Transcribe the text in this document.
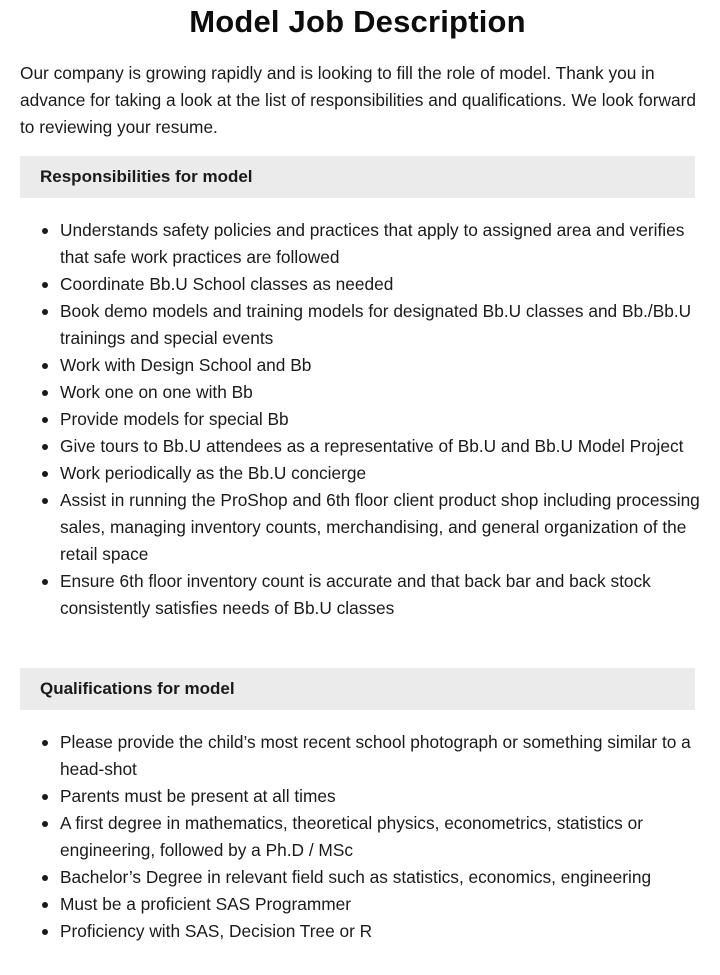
Model Job Description

Our company is growing rapidly and is looking to fill the role of model. Thank you in advance for taking a look at the list of responsibilities and qualifications. We look forward to reviewing your resume.

Responsibilities for model
Understands safety policies and practices that apply to assigned area and verifies that safe work practices are followed
Coordinate Bb.U School classes as needed
Book demo models and training models for designated Bb.U classes and Bb./Bb.U trainings and special events
Work with Design School and Bb
Work one on one with Bb
Provide models for special Bb
Give tours to Bb.U attendees as a representative of Bb.U and Bb.U Model Project
Work periodically as the Bb.U concierge
Assist in running the ProShop and 6th floor client product shop including processing sales, managing inventory counts, merchandising, and general organization of the retail space
Ensure 6th floor inventory count is accurate and that back bar and back stock consistently satisfies needs of Bb.U classes
Qualifications for model
Please provide the child’s most recent school photograph or something similar to a head-shot
Parents must be present at all times
A first degree in mathematics, theoretical physics, econometrics, statistics or engineering, followed by a Ph.D / MSc
Bachelor’s Degree in relevant field such as statistics, economics, engineering
Must be a proficient SAS Programmer
Proficiency with SAS, Decision Tree or R
